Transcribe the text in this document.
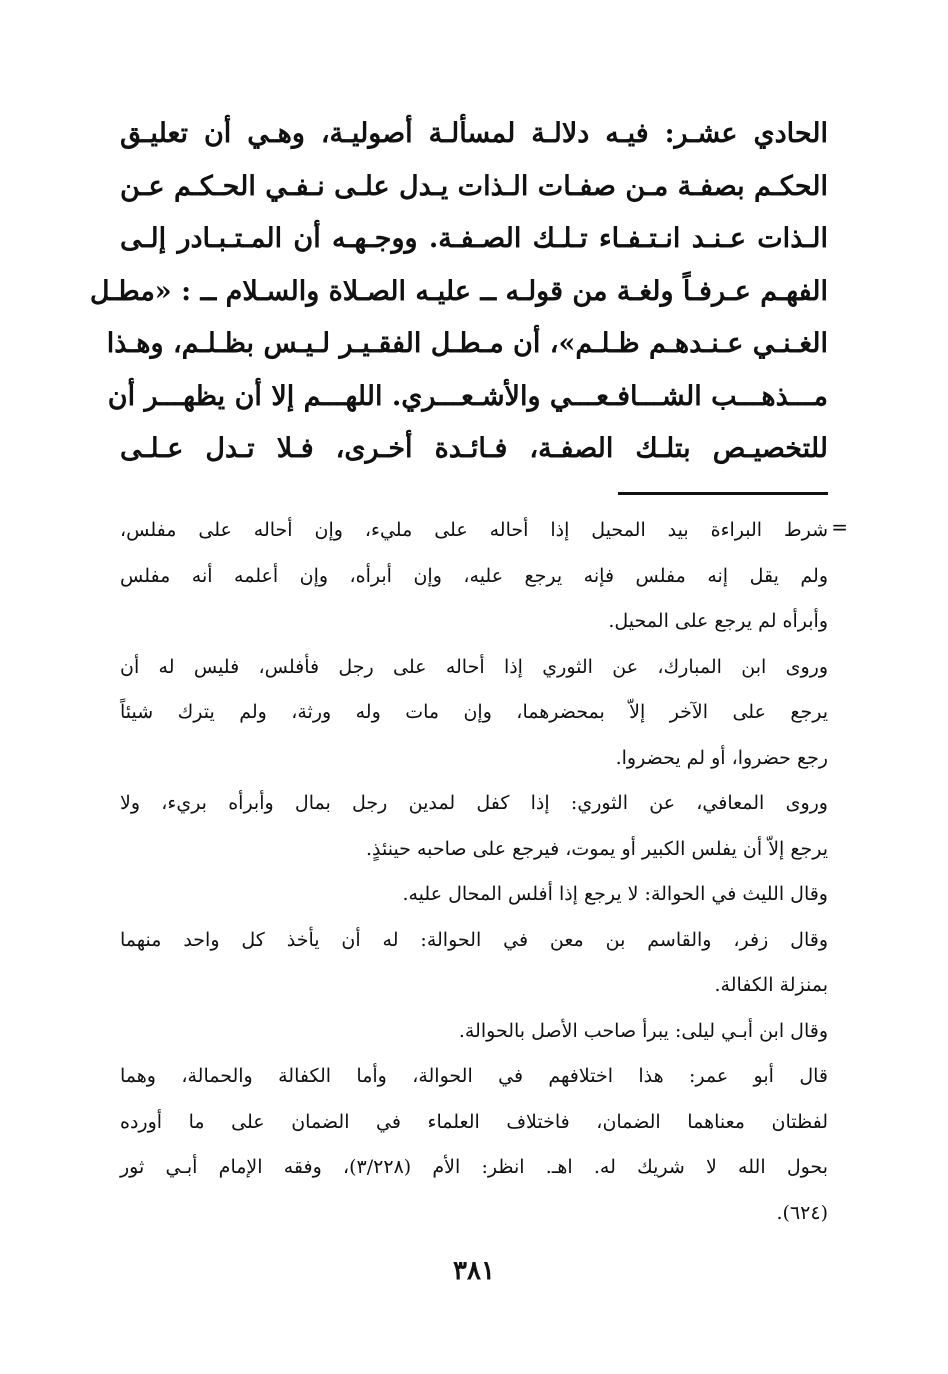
الحادي عشـر: فيـه دلالـة لمسألـة أصوليـة، وهـي أن تعليـق
الحكـم بصفـة مـن صفـات الـذات يـدل علـى نـفـي الحـكـم عـن
الـذات عـنـد انـتـفـاء تـلـك الصـفـة. ووجـهـه أن المـتـبـادر إلـى
الفهـم عـرفـاً ولغـة من قولـه ــ عليـه الصـلاة والسـلام ــ : «مطـل
الغـنـي عـنـدهـم ظـلـم»، أن مـطـل الفقـيـر لـيـس بظـلـم، وهـذا
مـــذهـــب الشـــافـعـــي والأشـعـــري. اللهـــم إلا أن يظهـــر أن
للتخصيـص بتلـك الصفـة، فـائـدة أخـرى، فـلا تـدل عـلـى
=
شرط البراءة بيد المحيل إذا أحاله على مليء، وإن أحاله على مفلس،
ولم يقل إنه مفلس فإنه يرجع عليه، وإن أبرأه، وإن أعلمه أنه مفلس
وأبرأه لم يرجع على المحيل.
وروى ابن المبارك، عن الثوري إذا أحاله على رجل فأفلس، فليس له أن
يرجع على الآخر إلاّ بمحضرهما، وإن مات وله ورثة، ولم يترك شيئاً
رجع حضروا، أو لم يحضروا.
وروى المعافي، عن الثوري: إذا كفل لمدين رجل بمال وأبرأه بريء، ولا
يرجع إلاّ أن يفلس الكبير أو يموت، فيرجع على صاحبه حينئذٍ.
وقال الليث في الحوالة: لا يرجع إذا أفلس المحال عليه.
وقال زفر، والقاسم بن معن في الحوالة: له أن يأخذ كل واحد منهما
بمنزلة الكفالة.
وقال ابن أبـي ليلى: يبرأ صاحب الأصل بالحوالة.
قال أبو عمر: هذا اختلافهم في الحوالة، وأما الكفالة والحمالة، وهما
لفظتان معناهما الضمان، فاختلاف العلماء في الضمان على ما أورده
بحول الله لا شريك له. اهـ. انظر: الأم (٣/٢٢٨)، وفقه الإمام أبـي ثور
(٦٢٤).
٣٨١
